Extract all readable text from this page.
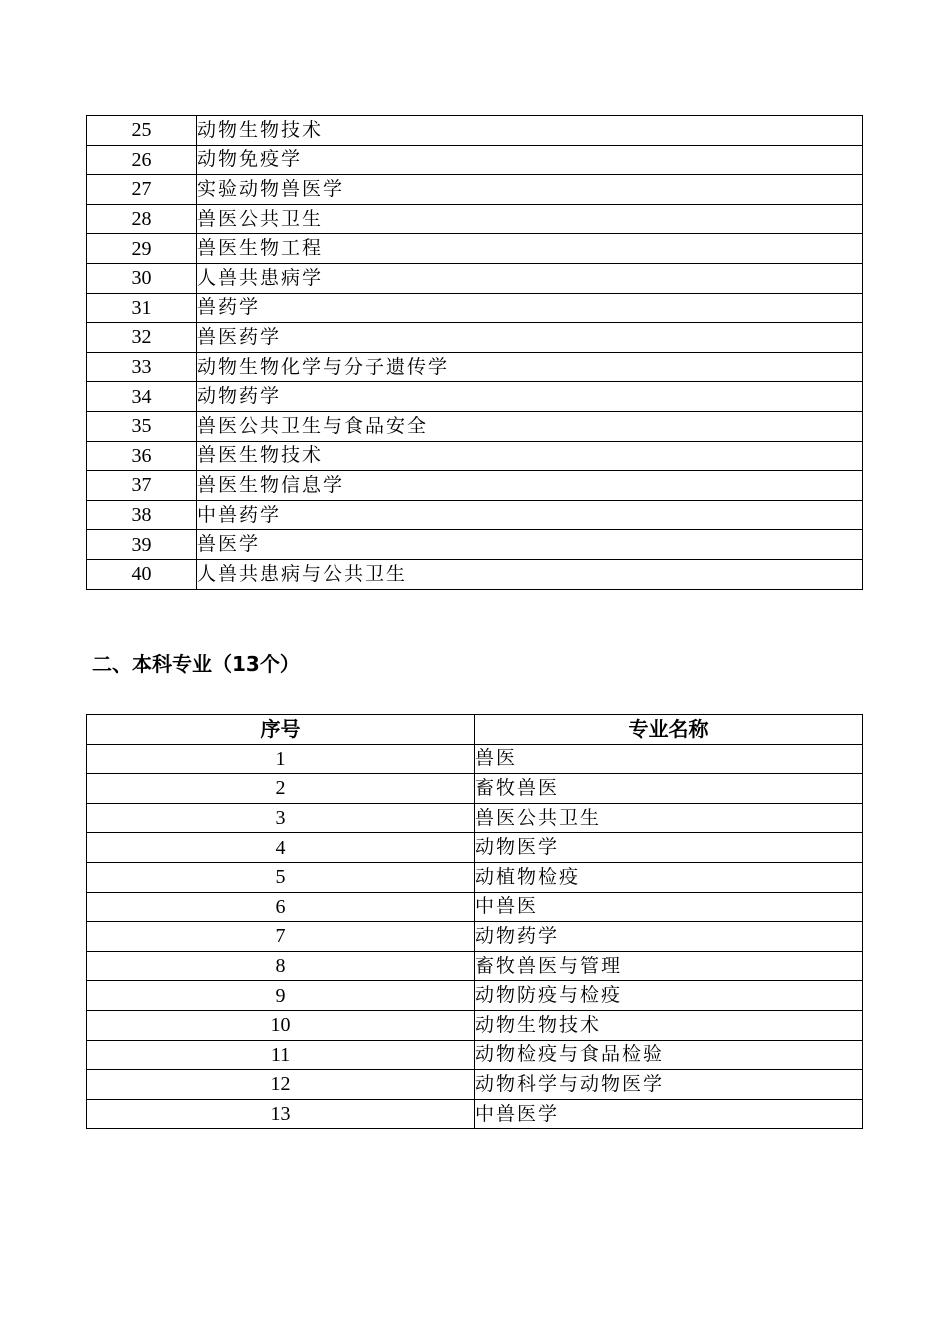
25	动物生物技术
26	动物免疫学
27	实验动物兽医学
28	兽医公共卫生
29	兽医生物工程
30	人兽共患病学
31	兽药学
32	兽医药学
33	动物生物化学与分子遗传学
34	动物药学
35	兽医公共卫生与食品安全
36	兽医生物技术
37	兽医生物信息学
38	中兽药学
39	兽医学
40	人兽共患病与公共卫生
二、本科专业（13个）
序号	专业名称
1	兽医
2	畜牧兽医
3	兽医公共卫生
4	动物医学
5	动植物检疫
6	中兽医
7	动物药学
8	畜牧兽医与管理
9	动物防疫与检疫
10	动物生物技术
11	动物检疫与食品检验
12	动物科学与动物医学
13	中兽医学
